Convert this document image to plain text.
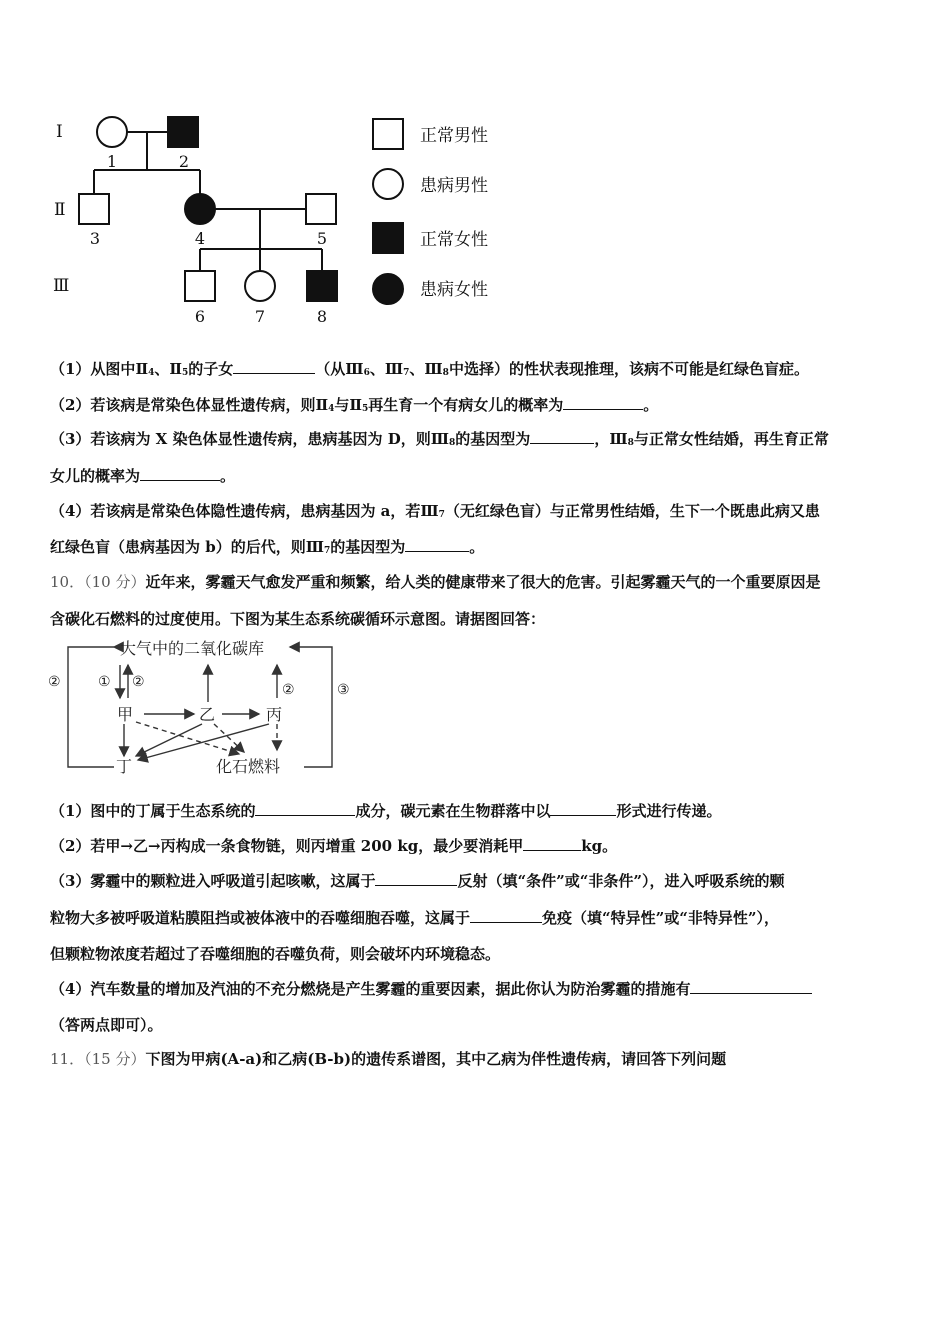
Ⅰ
Ⅱ
Ⅲ
1	2
3	4	5
6	7	8
正常男性
患病男性
正常女性
患病女性
（1）从图中Ⅱ4、Ⅱ5的子女	（从Ⅲ6、Ⅲ7、Ⅲ8中选择）的性状表现推理，该病不可能是红绿色盲症。
（2）若该病是常染色体显性遗传病，则Ⅱ4与Ⅱ5再生育一个有病女儿的概率为	。
（3）若该病为 X 染色体显性遗传病，患病基因为 D，则Ⅲ8的基因型为	，Ⅲ8与正常女性结婚，再生育正常
女儿的概率为	。
（4）若该病是常染色体隐性遗传病，患病基因为 a，若Ⅲ7（无红绿色盲）与正常男性结婚，生下一个既患此病又患
红绿色盲（患病基因为 b）的后代，则Ⅲ7的基因型为	。
10．（10 分）近年来，雾霾天气愈发严重和频繁，给人类的健康带来了很大的危害。引起雾霾天气的一个重要原因是
含碳化石燃料的过度使用。下图为某生态系统碳循环示意图。请据图回答：
大气中的二氧化碳库
甲	乙	丙
丁	化石燃料
②	① ②	②	③
（1）图中的丁属于生态系统的	成分，碳元素在生物群落中以	形式进行传递。
（2）若甲→乙→丙构成一条食物链，则丙增重 200 kg，最少要消耗甲	kg。
（3）雾霾中的颗粒进入呼吸道引起咳嗽，这属于	反射（填“条件”或“非条件”），进入呼吸系统的颗
粒物大多被呼吸道粘膜阻挡或被体液中的吞噬细胞吞噬，这属于	免疫（填“特异性”或“非特异性”），
但颗粒物浓度若超过了吞噬细胞的吞噬负荷，则会破坏内环境稳态。
（4）汽车数量的增加及汽油的不充分燃烧是产生雾霾的重要因素，据此你认为防治雾霾的措施有
（答两点即可）。
11．（15 分）下图为甲病(A-a)和乙病(B-b)的遗传系谱图，其中乙病为伴性遗传病，请回答下列问题
